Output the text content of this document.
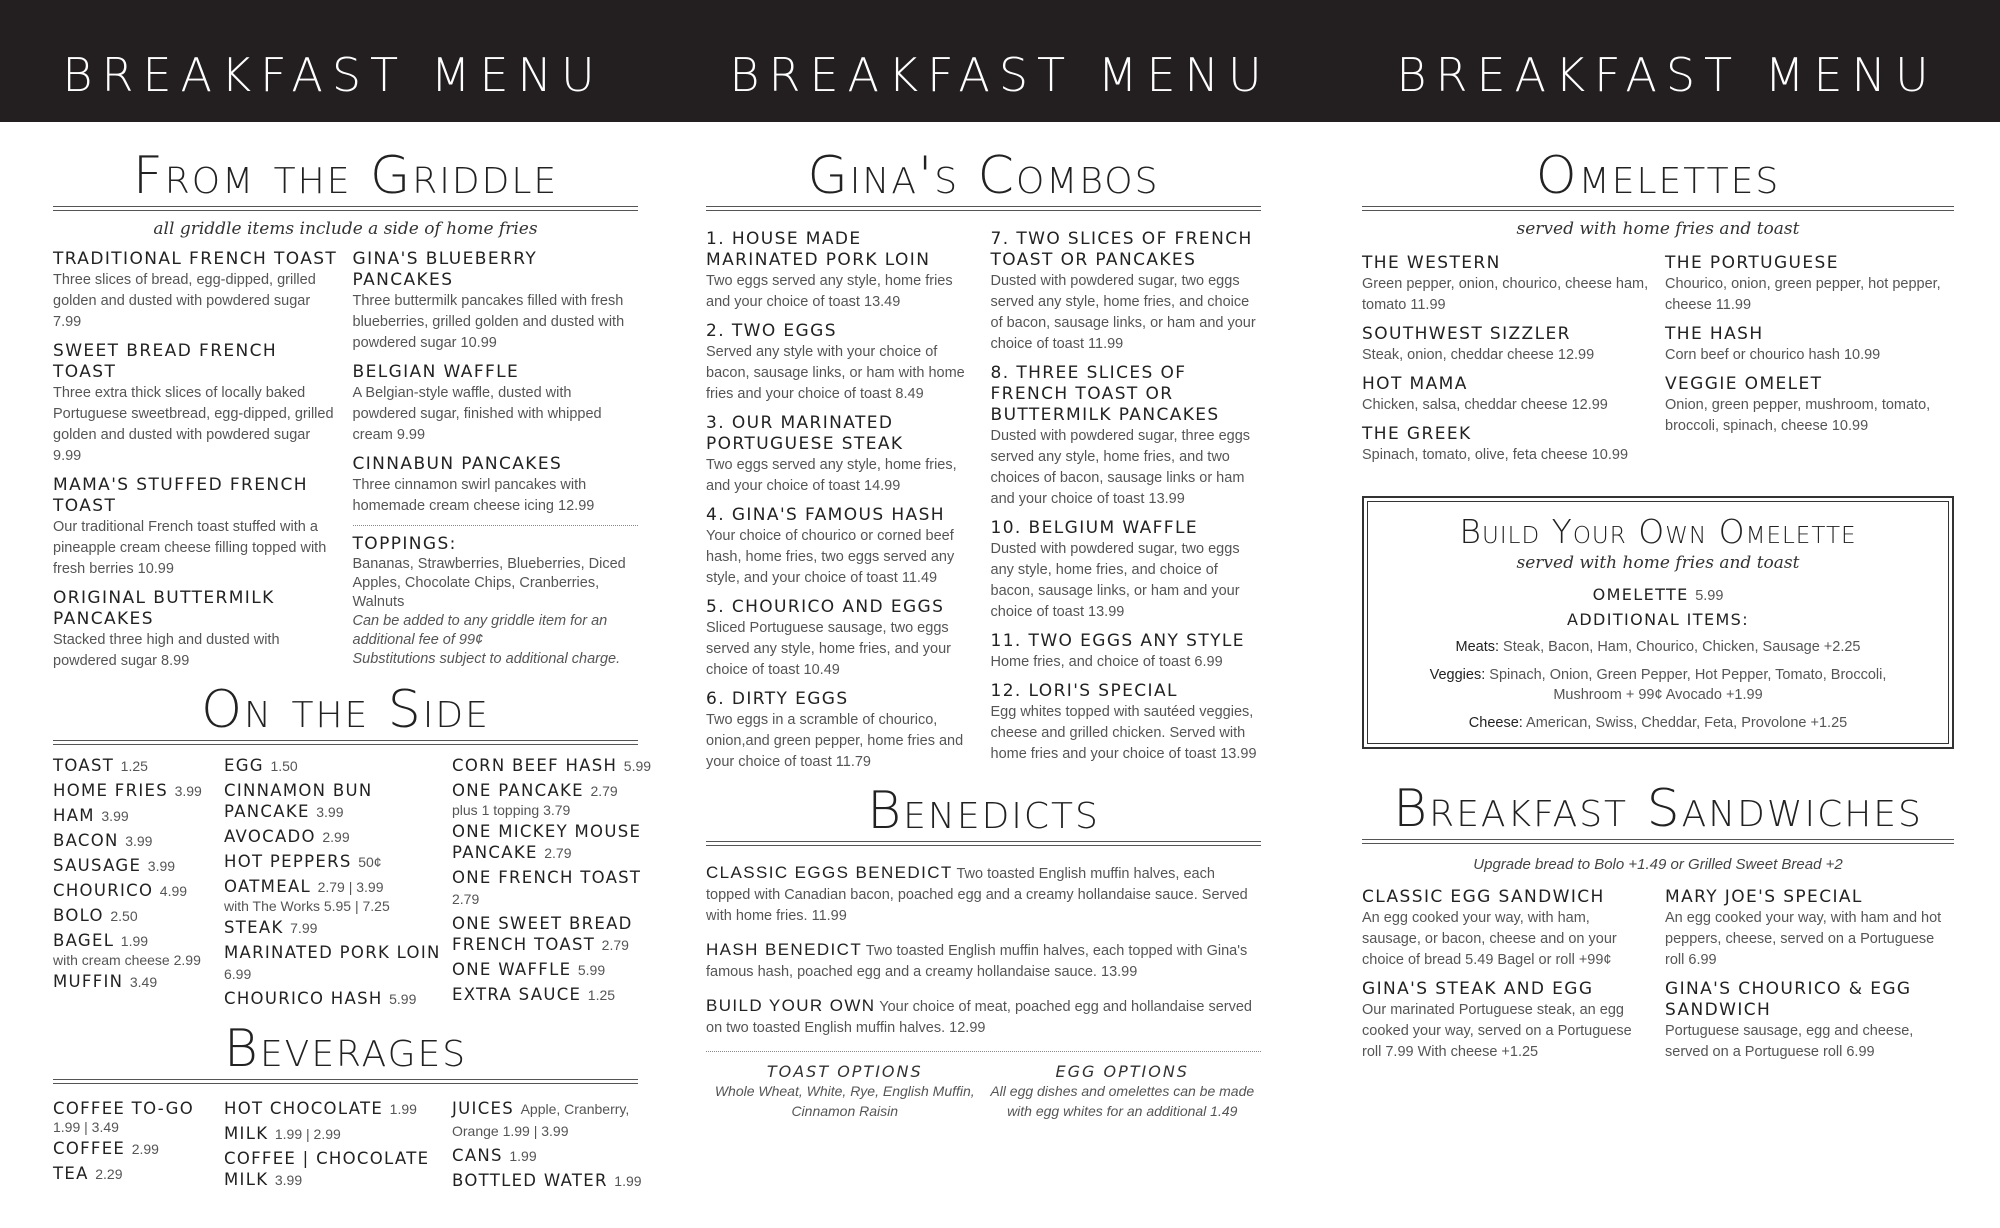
BREAKFAST MENU	BREAKFAST MENU	BREAKFAST MENU
From the Griddle
all griddle items include a side of home fries
TRADITIONAL FRENCH TOAST
Three slices of bread, egg-dipped, grilled golden and dusted with powdered sugar 7.99
SWEET BREAD FRENCH TOAST
Three extra thick slices of locally baked Portuguese sweetbread, egg-dipped, grilled golden and dusted with powdered sugar 9.99
MAMA'S STUFFED FRENCH TOAST
Our traditional French toast stuffed with a pineapple cream cheese filling topped with fresh berries 10.99
ORIGINAL BUTTERMILK PANCAKES
Stacked three high and dusted with powdered sugar 8.99
GINA'S BLUEBERRY PANCAKES
Three buttermilk pancakes filled with fresh blueberries, grilled golden and dusted with powdered sugar 10.99
BELGIAN WAFFLE
A Belgian-style waffle, dusted with powdered sugar, finished with whipped cream 9.99
CINNABUN PANCAKES
Three cinnamon swirl pancakes with homemade cream cheese icing 12.99
TOPPINGS:
Bananas, Strawberries, Blueberries, Diced Apples, Chocolate Chips, Cranberries, Walnuts
Can be added to any griddle item for an additional fee of 99¢
Substitutions subject to additional charge.
On the Side
TOAST 1.25
HOME FRIES 3.99
HAM 3.99
BACON 3.99
SAUSAGE 3.99
CHOURICO 4.99
BOLO 2.50
BAGEL 1.99
with cream cheese 2.99
MUFFIN 3.49
EGG 1.50
CINNAMON BUN PANCAKE 3.99
AVOCADO 2.99
HOT PEPPERS 50¢
OATMEAL 2.79 | 3.99
with The Works 5.95 | 7.25
STEAK 7.99
MARINATED PORK LOIN 6.99
CHOURICO HASH 5.99
CORN BEEF HASH 5.99
ONE PANCAKE 2.79
plus 1 topping 3.79
ONE MICKEY MOUSE PANCAKE 2.79
ONE FRENCH TOAST 2.79
ONE SWEET BREAD FRENCH TOAST 2.79
ONE WAFFLE 5.99
EXTRA SAUCE 1.25
Beverages
COFFEE TO-GO
1.99 | 3.49
COFFEE 2.99
TEA 2.29
HOT CHOCOLATE 1.99
MILK 1.99 | 2.99
COFFEE | CHOCOLATE MILK 3.99
JUICES Apple, Cranberry, Orange 1.99 | 3.99
CANS 1.99
BOTTLED WATER 1.99
Gina's Combos
1. HOUSE MADE MARINATED PORK LOIN
Two eggs served any style, home fries and your choice of toast 13.49
2. TWO EGGS
Served any style with your choice of bacon, sausage links, or ham with home fries and your choice of toast 8.49
3. OUR MARINATED PORTUGUESE STEAK
Two eggs served any style, home fries, and your choice of toast 14.99
4. GINA'S FAMOUS HASH
Your choice of chourico or corned beef hash, home fries, two eggs served any style, and your choice of toast 11.49
5. CHOURICO AND EGGS
Sliced Portuguese sausage, two eggs served any style, home fries, and your choice of toast 10.49
6. DIRTY EGGS
Two eggs in a scramble of chourico, onion,and green pepper, home fries and your choice of toast 11.79
7. TWO SLICES OF FRENCH TOAST OR PANCAKES
Dusted with powdered sugar, two eggs served any style, home fries, and choice of bacon, sausage links, or ham and your choice of toast 11.99
8. THREE SLICES OF FRENCH TOAST OR BUTTERMILK PANCAKES
Dusted with powdered sugar, three eggs served any style, home fries, and two choices of bacon, sausage links or ham and your choice of toast 13.99
10. BELGIUM WAFFLE
Dusted with powdered sugar, two eggs any style, home fries, and choice of bacon, sausage links, or ham and your choice of toast 13.99
11. TWO EGGS ANY STYLE
Home fries, and choice of toast 6.99
12. LORI'S SPECIAL
Egg whites topped with sautéed veggies, cheese and grilled chicken. Served with home fries and your choice of toast 13.99
Benedicts
CLASSIC EGGS BENEDICT Two toasted English muffin halves, each topped with Canadian bacon, poached egg and a creamy hollandaise sauce. Served with home fries. 11.99
HASH BENEDICT Two toasted English muffin halves, each topped with Gina's famous hash, poached egg and a creamy hollandaise sauce. 13.99
BUILD YOUR OWN Your choice of meat, poached egg and hollandaise served on two toasted English muffin halves. 12.99
TOAST OPTIONS
Whole Wheat, White, Rye, English Muffin, Cinnamon Raisin
EGG OPTIONS
All egg dishes and omelettes can be made with egg whites for an additional 1.49
Omelettes
served with home fries and toast
THE WESTERN
Green pepper, onion, chourico, cheese ham, tomato 11.99
SOUTHWEST SIZZLER
Steak, onion, cheddar cheese 12.99
HOT MAMA
Chicken, salsa, cheddar cheese 12.99
THE GREEK
Spinach, tomato, olive, feta cheese 10.99
THE PORTUGUESE
Chourico, onion, green pepper, hot pepper, cheese 11.99
THE HASH
Corn beef or chourico hash 10.99
VEGGIE OMELET
Onion, green pepper, mushroom, tomato, broccoli, spinach, cheese 10.99
Build Your Own Omelette
served with home fries and toast
OMELETTE 5.99
ADDITIONAL ITEMS:
Meats: Steak, Bacon, Ham, Chourico, Chicken, Sausage +2.25
Veggies: Spinach, Onion, Green Pepper, Hot Pepper, Tomato, Broccoli, Mushroom + 99¢ Avocado +1.99
Cheese: American, Swiss, Cheddar, Feta, Provolone +1.25
Breakfast Sandwiches
Upgrade bread to Bolo +1.49 or Grilled Sweet Bread +2
CLASSIC EGG SANDWICH
An egg cooked your way, with ham, sausage, or bacon, cheese and on your choice of bread 5.49 Bagel or roll +99¢
GINA'S STEAK AND EGG
Our marinated Portuguese steak, an egg cooked your way, served on a Portuguese roll 7.99 With cheese +1.25
MARY JOE'S SPECIAL
An egg cooked your way, with ham and hot peppers, cheese, served on a Portuguese roll 6.99
GINA'S CHOURICO & EGG SANDWICH
Portuguese sausage, egg and cheese, served on a Portuguese roll 6.99
